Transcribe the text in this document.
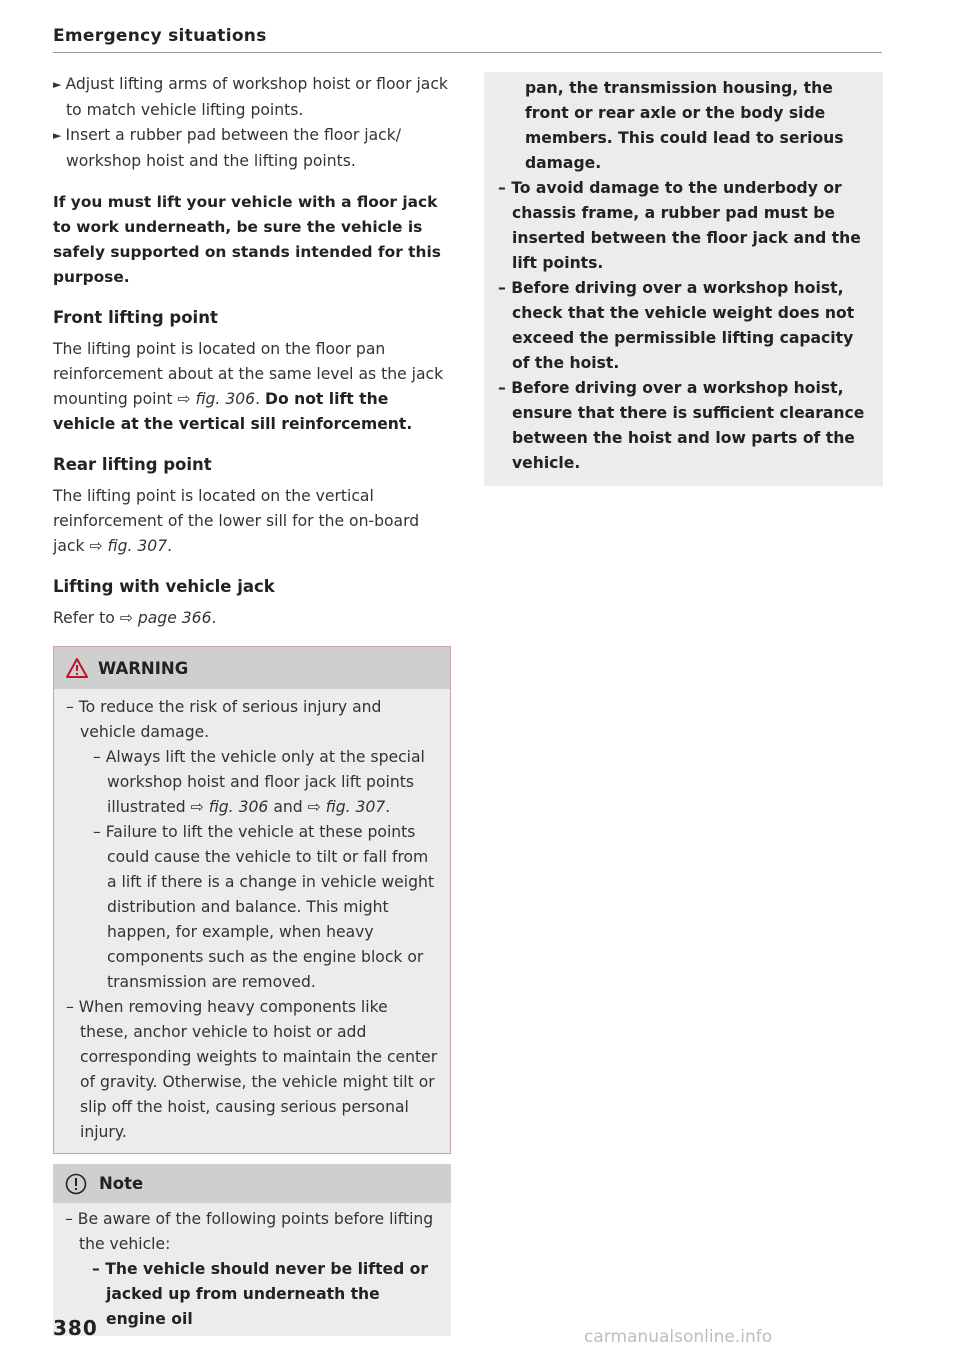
Emergency situations

► Adjust lifting arms of workshop hoist or floor jack to match vehicle lifting points.

► Insert a rubber pad between the floor jack/ workshop hoist and the lifting points.

If you must lift your vehicle with a floor jack to work underneath, be sure the vehicle is safely supported on stands intended for this purpose.

Front lifting point

The lifting point is located on the floor pan reinforcement about at the same level as the jack mounting point ⇨ fig. 306. Do not lift the vehicle at the vertical sill reinforcement.

Rear lifting point

The lifting point is located on the vertical reinforcement of the lower sill for the on-board jack ⇨ fig. 307.

Lifting with vehicle jack

Refer to ⇨ page 366.

WARNING

– To reduce the risk of serious injury and vehicle damage.

– Always lift the vehicle only at the special workshop hoist and floor jack lift points illustrated ⇨ fig. 306 and ⇨ fig. 307.

– Failure to lift the vehicle at these points could cause the vehicle to tilt or fall from a lift if there is a change in vehicle weight distribution and balance. This might happen, for example, when heavy components such as the engine block or transmission are removed.

– When removing heavy components like these, anchor vehicle to hoist or add corresponding weights to maintain the center of gravity. Otherwise, the vehicle might tilt or slip off the hoist, causing serious personal injury.

Note

– Be aware of the following points before lifting the vehicle:

– The vehicle should never be lifted or jacked up from underneath the engine oil

pan, the transmission housing, the front or rear axle or the body side members. This could lead to serious damage.

– To avoid damage to the underbody or chassis frame, a rubber pad must be inserted between the floor jack and the lift points.

– Before driving over a workshop hoist, check that the vehicle weight does not exceed the permissible lifting capacity of the hoist.

– Before driving over a workshop hoist, ensure that there is sufficient clearance between the hoist and low parts of the vehicle.

380	carmanualsonline.info
